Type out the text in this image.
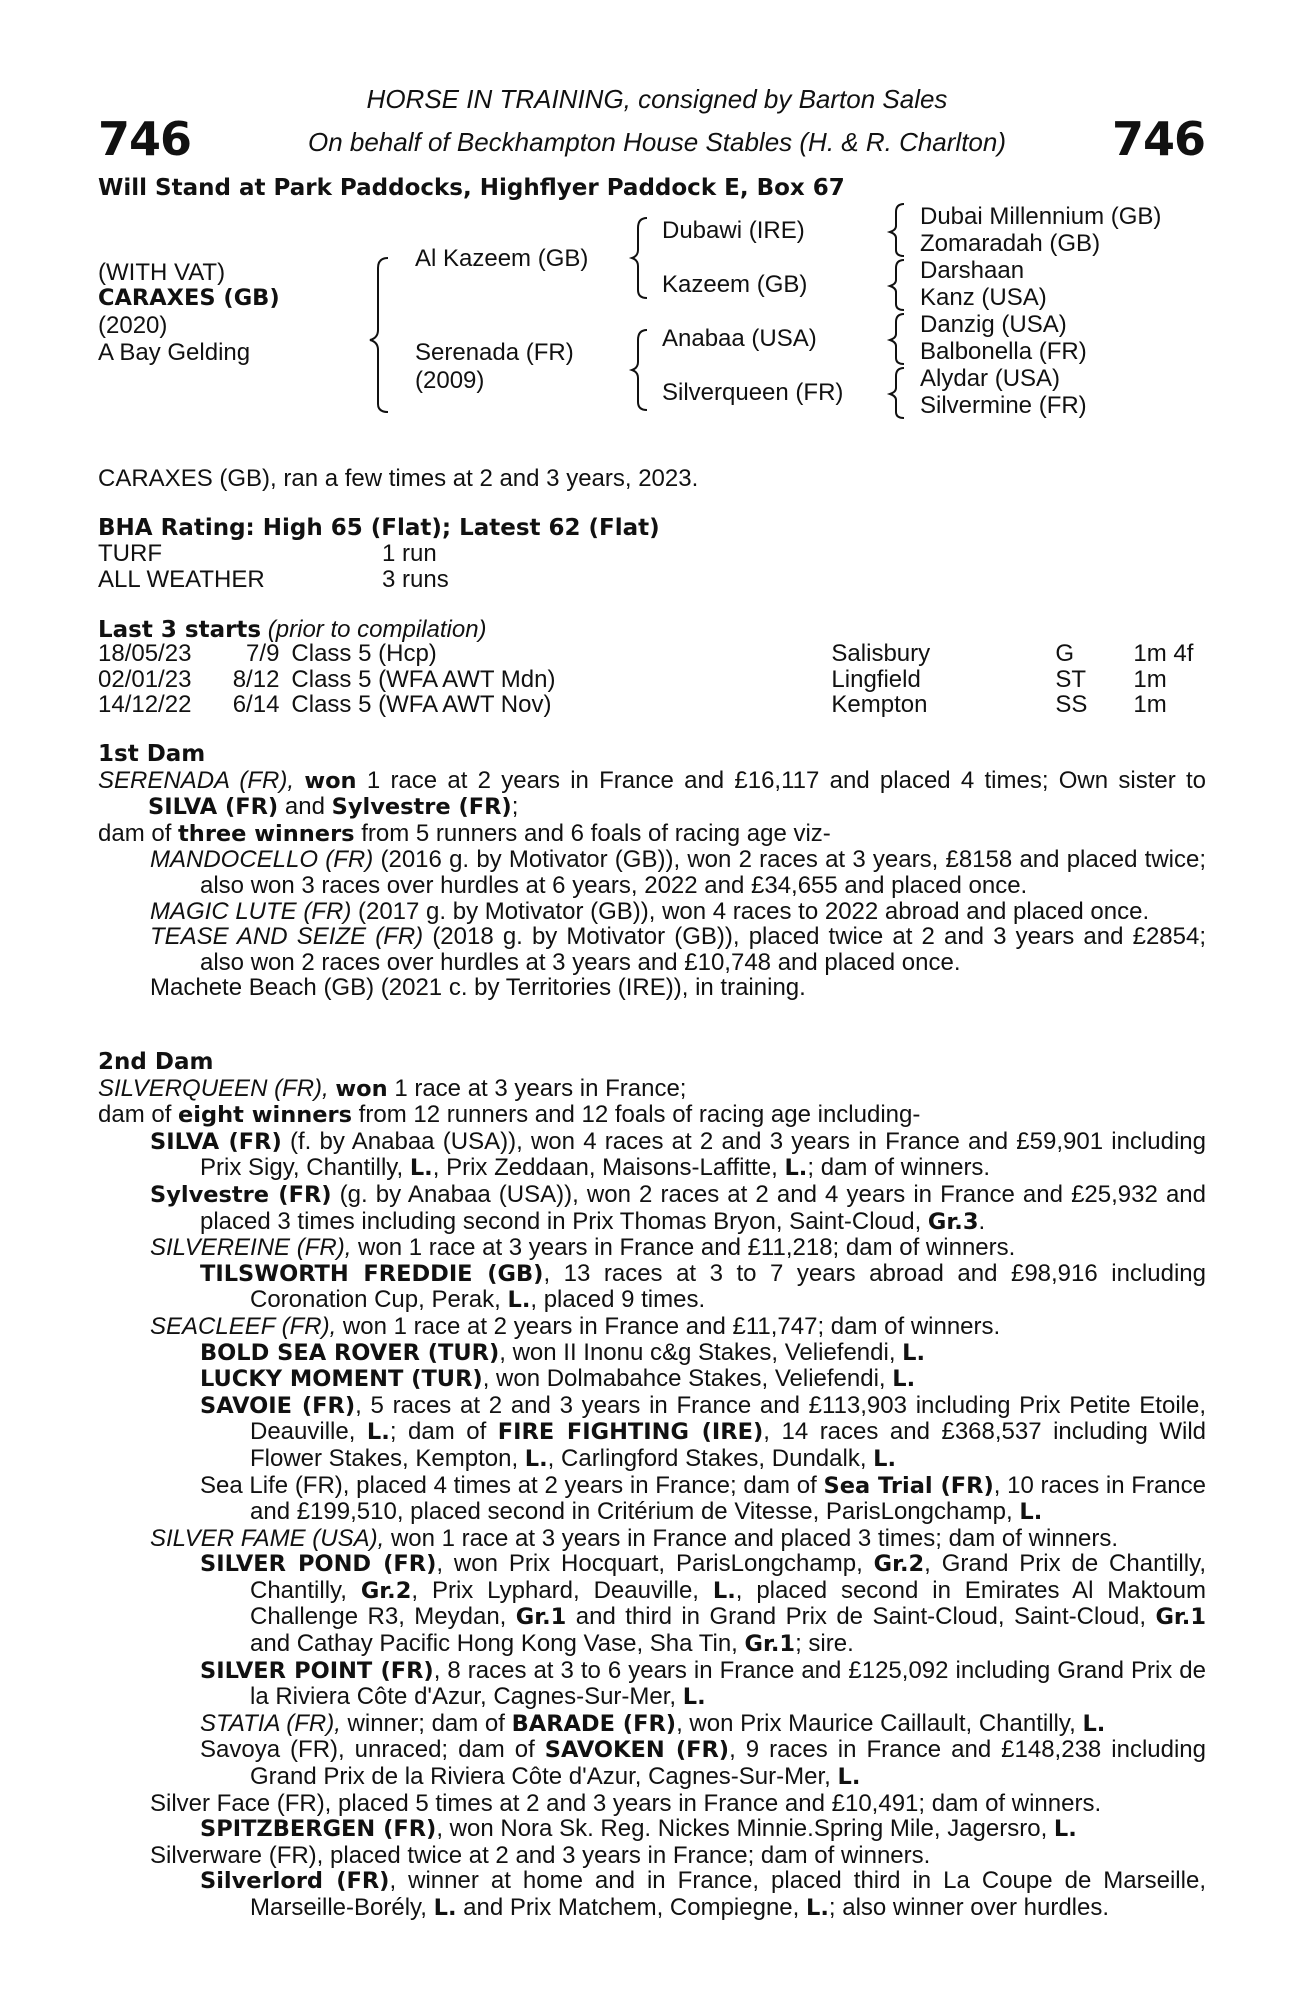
HORSE IN TRAINING, consigned by Barton Sales
746	On behalf of Beckhampton House Stables (H. & R. Charlton)	746
Will Stand at Park Paddocks, Highflyer Paddock E, Box 67
(WITH VAT)
CARAXES (GB)
(2020)
A Bay Gelding
Al Kazeem (GB)
Serenada (FR)
(2009)
Dubawi (IRE)
Kazeem (GB)
Anabaa (USA)
Silverqueen (FR)
Dubai Millennium (GB)
Zomaradah (GB)
Darshaan
Kanz (USA)
Danzig (USA)
Balbonella (FR)
Alydar (USA)
Silvermine (FR)
CARAXES (GB), ran a few times at 2 and 3 years, 2023.
BHA Rating: High 65 (Flat); Latest 62 (Flat)
TURF	1 run
ALL WEATHER	3 runs
Last 3 starts (prior to compilation)
18/05/23	7/9	Class 5 (Hcp)	Salisbury	G	1m 4f
02/01/23	8/12	Class 5 (WFA AWT Mdn)	Lingfield	ST	1m
14/12/22	6/14	Class 5 (WFA AWT Nov)	Kempton	SS	1m
1st Dam
SERENADA (FR), won 1 race at 2 years in France and £16,117 and placed 4 times; Own sister to SILVA (FR) and Sylvestre (FR);
dam of three winners from 5 runners and 6 foals of racing age viz-
MANDOCELLO (FR) (2016 g. by Motivator (GB)), won 2 races at 3 years, £8158 and placed twice; also won 3 races over hurdles at 6 years, 2022 and £34,655 and placed once.
MAGIC LUTE (FR) (2017 g. by Motivator (GB)), won 4 races to 2022 abroad and placed once.
TEASE AND SEIZE (FR) (2018 g. by Motivator (GB)), placed twice at 2 and 3 years and £2854; also won 2 races over hurdles at 3 years and £10,748 and placed once.
Machete Beach (GB) (2021 c. by Territories (IRE)), in training.
2nd Dam
SILVERQUEEN (FR), won 1 race at 3 years in France;
dam of eight winners from 12 runners and 12 foals of racing age including-
SILVA (FR) (f. by Anabaa (USA)), won 4 races at 2 and 3 years in France and £59,901 including Prix Sigy, Chantilly, L., Prix Zeddaan, Maisons-Laffitte, L.; dam of winners.
Sylvestre (FR) (g. by Anabaa (USA)), won 2 races at 2 and 4 years in France and £25,932 and placed 3 times including second in Prix Thomas Bryon, Saint-Cloud, Gr.3.
SILVEREINE (FR), won 1 race at 3 years in France and £11,218; dam of winners.
TILSWORTH FREDDIE (GB), 13 races at 3 to 7 years abroad and £98,916 including Coronation Cup, Perak, L., placed 9 times.
SEACLEEF (FR), won 1 race at 2 years in France and £11,747; dam of winners.
BOLD SEA ROVER (TUR), won II Inonu c&g Stakes, Veliefendi, L.
LUCKY MOMENT (TUR), won Dolmabahce Stakes, Veliefendi, L.
SAVOIE (FR), 5 races at 2 and 3 years in France and £113,903 including Prix Petite Etoile, Deauville, L.; dam of FIRE FIGHTING (IRE), 14 races and £368,537 including Wild Flower Stakes, Kempton, L., Carlingford Stakes, Dundalk, L.
Sea Life (FR), placed 4 times at 2 years in France; dam of Sea Trial (FR), 10 races in France and £199,510, placed second in Critérium de Vitesse, ParisLongchamp, L.
SILVER FAME (USA), won 1 race at 3 years in France and placed 3 times; dam of winners.
SILVER POND (FR), won Prix Hocquart, ParisLongchamp, Gr.2, Grand Prix de Chantilly, Chantilly, Gr.2, Prix Lyphard, Deauville, L., placed second in Emirates Al Maktoum Challenge R3, Meydan, Gr.1 and third in Grand Prix de Saint-Cloud, Saint-Cloud, Gr.1 and Cathay Pacific Hong Kong Vase, Sha Tin, Gr.1; sire.
SILVER POINT (FR), 8 races at 3 to 6 years in France and £125,092 including Grand Prix de la Riviera Côte d'Azur, Cagnes-Sur-Mer, L.
STATIA (FR), winner; dam of BARADE (FR), won Prix Maurice Caillault, Chantilly, L.
Savoya (FR), unraced; dam of SAVOKEN (FR), 9 races in France and £148,238 including Grand Prix de la Riviera Côte d'Azur, Cagnes-Sur-Mer, L.
Silver Face (FR), placed 5 times at 2 and 3 years in France and £10,491; dam of winners.
SPITZBERGEN (FR), won Nora Sk. Reg. Nickes Minnie.Spring Mile, Jagersro, L.
Silverware (FR), placed twice at 2 and 3 years in France; dam of winners.
Silverlord (FR), winner at home and in France, placed third in La Coupe de Marseille, Marseille-Borély, L. and Prix Matchem, Compiegne, L.; also winner over hurdles.
